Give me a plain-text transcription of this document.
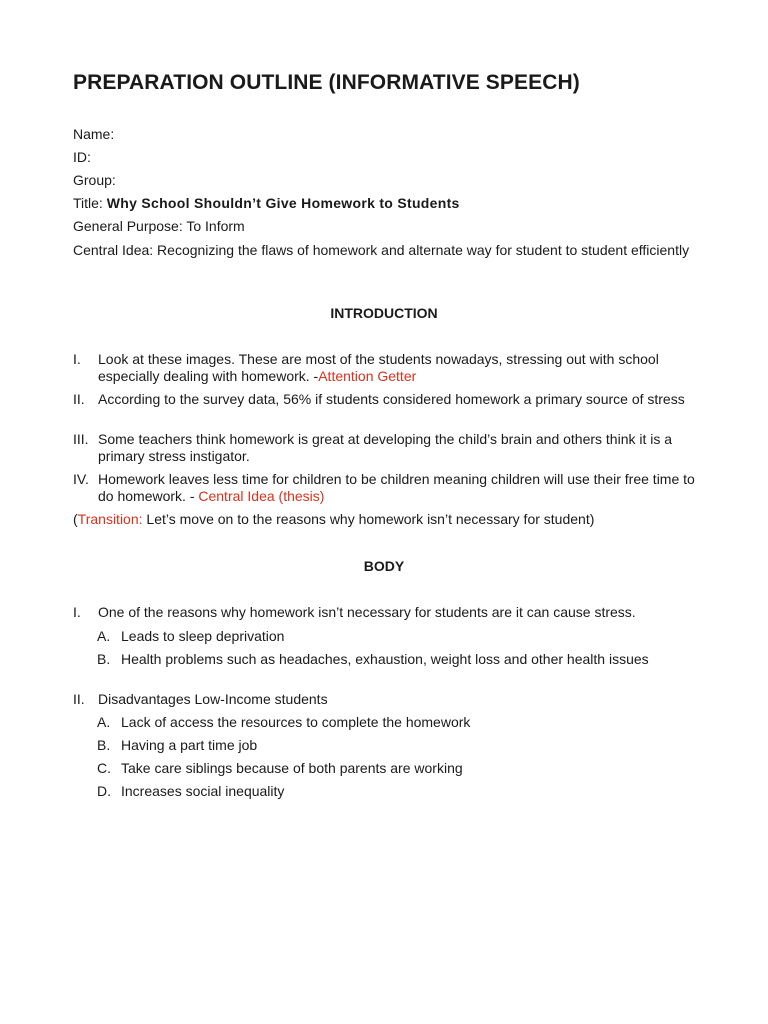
PREPARATION OUTLINE (INFORMATIVE SPEECH)
Name:
ID:
Group:
Title: Why School Shouldn’t Give Homework to Students
General Purpose: To Inform
Central Idea: Recognizing the flaws of homework and alternate way for student to student efficiently
INTRODUCTION
I. Look at these images. These are most of the students nowadays, stressing out with school especially dealing with homework. -Attention Getter
II. According to the survey data, 56% if students considered homework a primary source of stress
III. Some teachers think homework is great at developing the child’s brain and others think it is a primary stress instigator.
IV. Homework leaves less time for children to be children meaning children will use their free time to do homework. - Central Idea (thesis)
(Transition: Let’s move on to the reasons why homework isn’t necessary for student)
BODY
I. One of the reasons why homework isn’t necessary for students are it can cause stress.
A. Leads to sleep deprivation
B. Health problems such as headaches, exhaustion, weight loss and other health issues
II. Disadvantages Low-Income students
A. Lack of access the resources to complete the homework
B. Having a part time job
C. Take care siblings because of both parents are working
D. Increases social inequality
